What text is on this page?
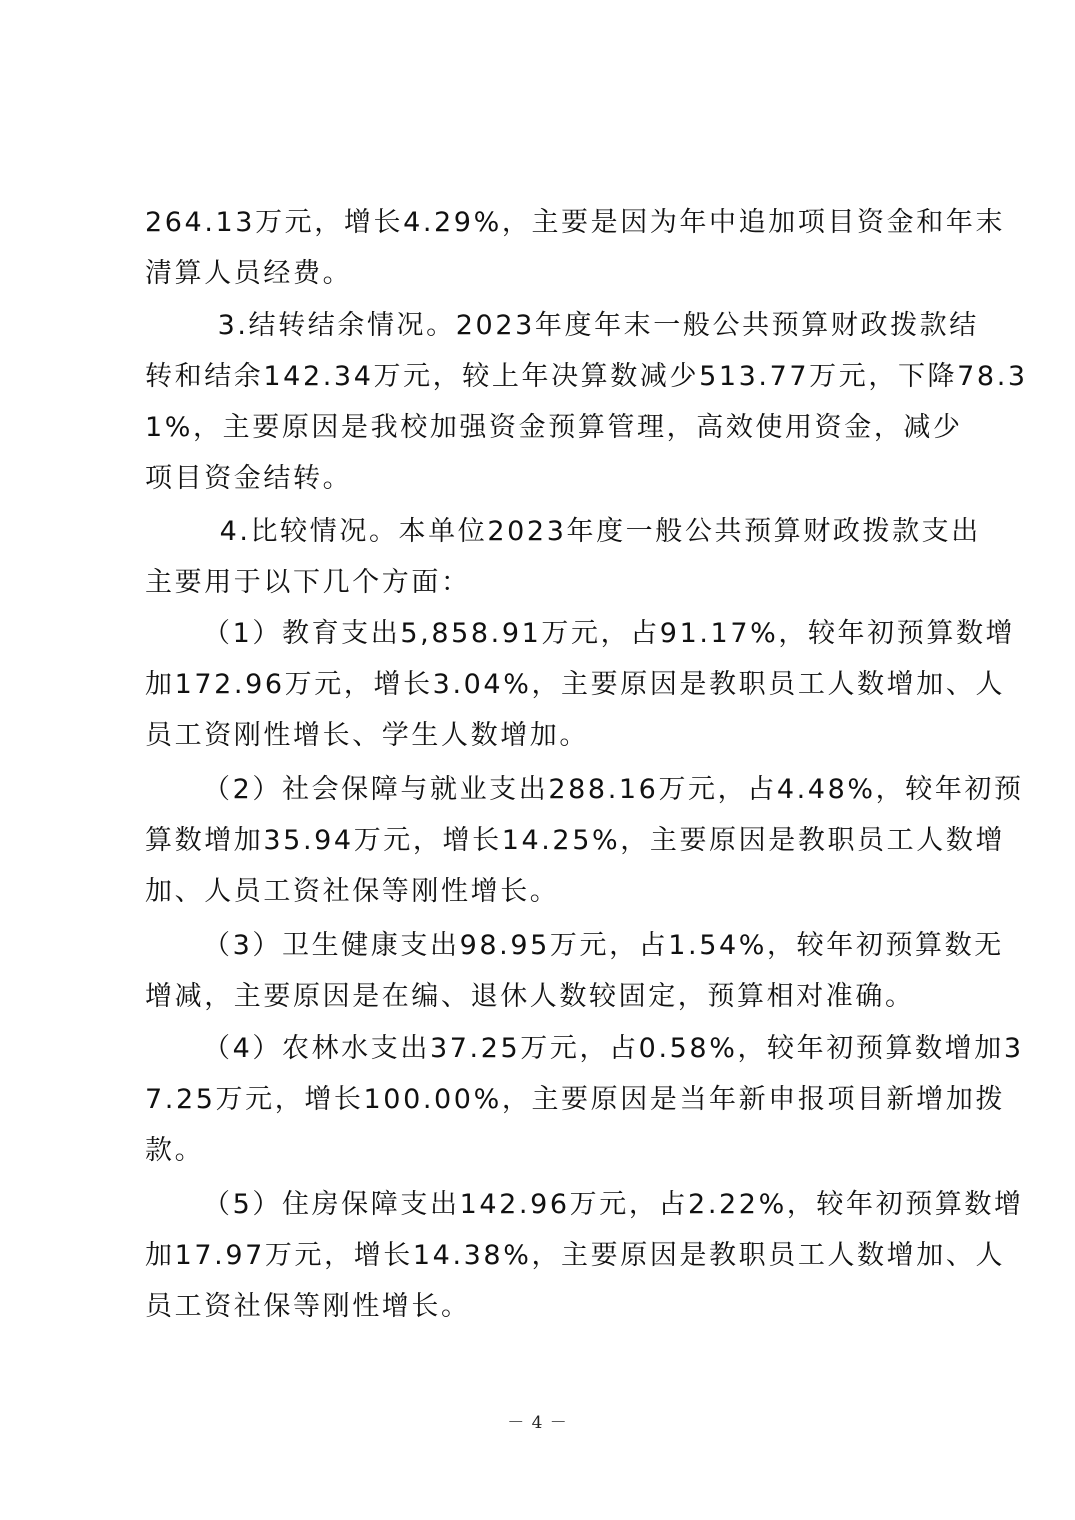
264.13万元，增长4.29%，主要是因为年中追加项目资金和年末
清算人员经费。
　3.结转结余情况。2023年度年末一般公共预算财政拨款结
转和结余142.34万元，较上年决算数减少513.77万元，下降78.3
1%，主要原因是我校加强资金预算管理，高效使用资金，减少
项目资金结转。
　4.比较情况。本单位2023年度一般公共预算财政拨款支出
主要用于以下几个方面：
（1）教育支出5,858.91万元，占91.17%，较年初预算数增
加172.96万元，增长3.04%，主要原因是教职员工人数增加、人
员工资刚性增长、学生人数增加。
（2）社会保障与就业支出288.16万元，占4.48%，较年初预
算数增加35.94万元，增长14.25%，主要原因是教职员工人数增
加、人员工资社保等刚性增长。
（3）卫生健康支出98.95万元，占1.54%，较年初预算数无
增减，主要原因是在编、退休人数较固定，预算相对准确。
（4）农林水支出37.25万元，占0.58%，较年初预算数增加3
7.25万元，增长100.00%，主要原因是当年新申报项目新增加拨
款。
（5）住房保障支出142.96万元，占2.22%，较年初预算数增
加17.97万元，增长14.38%，主要原因是教职员工人数增加、人
员工资社保等刚性增长。
－ 4 －
